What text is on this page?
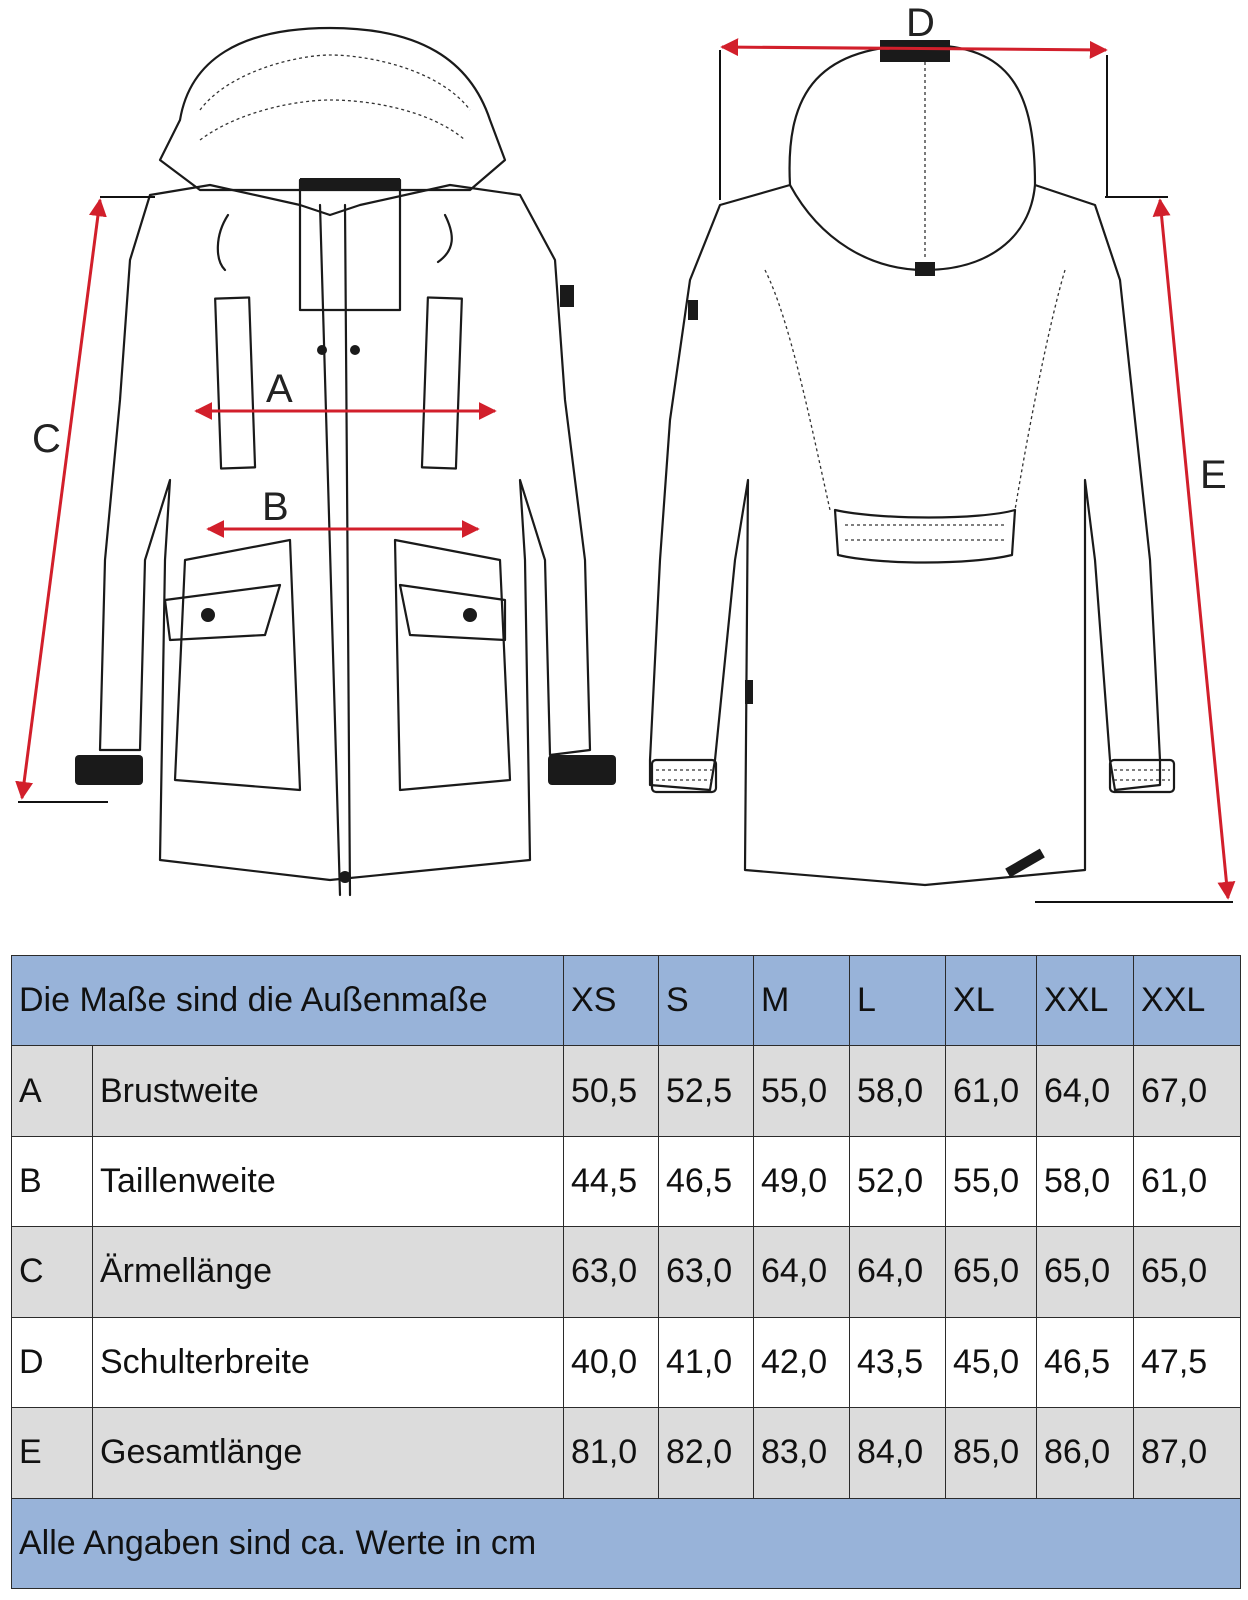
A
B
C
D
E
Die Maße sind die Außenmaße		XS	S	M	L	XL	XXL	XXL
A	Brustweite	50,5	52,5	55,0	58,0	61,0	64,0	67,0
B	Taillenweite	44,5	46,5	49,0	52,0	55,0	58,0	61,0
C	Ärmellänge	63,0	63,0	64,0	64,0	65,0	65,0	65,0
D	Schulterbreite	40,0	41,0	42,0	43,5	45,0	46,5	47,5
E	Gesamtlänge	81,0	82,0	83,0	84,0	85,0	86,0	87,0
Alle Angaben sind ca. Werte in cm								
